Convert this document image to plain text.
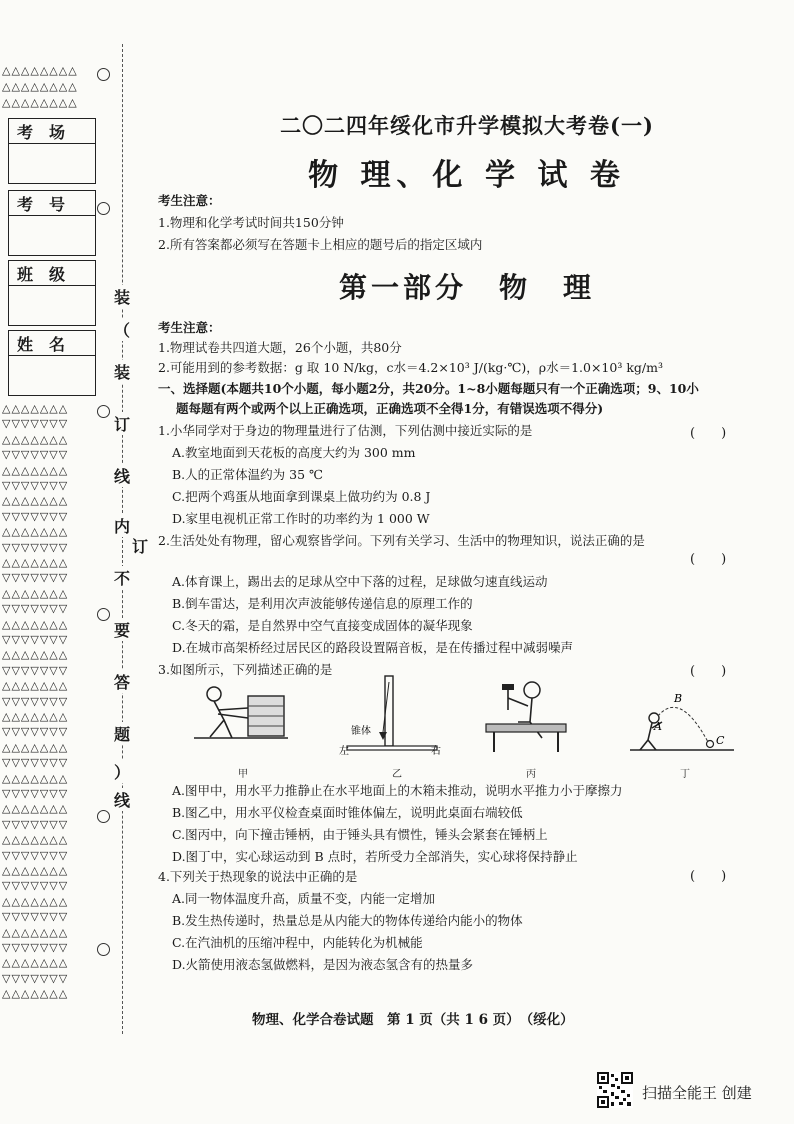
△△△△△△△△
△△△△△△△△
△△△△△△△△
考　场
考　号
班　级
姓　名
△△△△△△△
▽▽▽▽▽▽▽
△△△△△△△
▽▽▽▽▽▽▽
△△△△△△△
▽▽▽▽▽▽▽
△△△△△△△
▽▽▽▽▽▽▽
△△△△△△△
▽▽▽▽▽▽▽
△△△△△△△
▽▽▽▽▽▽▽
△△△△△△△
▽▽▽▽▽▽▽
△△△△△△△
▽▽▽▽▽▽▽
△△△△△△△
▽▽▽▽▽▽▽
△△△△△△△
▽▽▽▽▽▽▽
△△△△△△△
▽▽▽▽▽▽▽
△△△△△△△
▽▽▽▽▽▽▽
△△△△△△△
▽▽▽▽▽▽▽
△△△△△△△
▽▽▽▽▽▽▽
△△△△△△△
▽▽▽▽▽▽▽
△△△△△△△
▽▽▽▽▽▽▽
△△△△△△△
▽▽▽▽▽▽▽
△△△△△△△
▽▽▽▽▽▽▽
△△△△△△△
▽▽▽▽▽▽▽
△△△△△△△
装
（
装
订
线
内
订
不
要
答
题
）
线
二〇二四年绥化市升学模拟大考卷(一)
物 理、化 学 试 卷
考生注意：
1.物理和化学考试时间共150分钟
2.所有答案都必须写在答题卡上相应的题号后的指定区域内
第一部分　物　理
考生注意：
1.物理试卷共四道大题，26个小题，共80分
2.可能用到的参考数据：g 取 10 N/kg，c水＝4.2×10³ J/(kg·℃)，ρ水＝1.0×10³ kg/m³
一、选择题(本题共10个小题，每小题2分，共20分。1~8小题每题只有一个正确选项；9、10小
题每题有两个或两个以上正确选项，正确选项不全得1分，有错误选项不得分)
1.小华同学对于身边的物理量进行了估测，下列估测中接近实际的是	(　　)
A.教室地面到天花板的高度大约为 300 mm
B.人的正常体温约为 35 ℃
C.把两个鸡蛋从地面拿到课桌上做功约为 0.8 J
D.家里电视机正常工作时的功率约为 1 000 W
2.生活处处有物理，留心观察皆学问。下列有关学习、生活中的物理知识，说法正确的是
(　　)
A.体育课上，踢出去的足球从空中下落的过程，足球做匀速直线运动
B.倒车雷达，是利用次声波能够传递信息的原理工作的
C.冬天的霜，是自然界中空气直接变成固体的凝华现象
D.在城市高架桥经过居民区的路段设置隔音板，是在传播过程中减弱噪声
3.如图所示，下列描述正确的是	(　　)
锥体
左	右
B
A
C
甲	乙	丙	丁
A.图甲中，用水平力推静止在水平地面上的木箱未推动，说明水平推力小于摩擦力
B.图乙中，用水平仪检查桌面时锥体偏左，说明此桌面右端较低
C.图丙中，向下撞击锤柄，由于锤头具有惯性，锤头会紧套在锤柄上
D.图丁中，实心球运动到 B 点时，若所受力全部消失，实心球将保持静止
4.下列关于热现象的说法中正确的是	(　　)
A.同一物体温度升高，质量不变，内能一定增加
B.发生热传递时，热量总是从内能大的物体传递给内能小的物体
C.在汽油机的压缩冲程中，内能转化为机械能
D.火箭使用液态氢做燃料，是因为液态氢含有的热量多
物理、化学合卷试题　第 1 页（共 1 6 页）　（绥化）
扫描全能王 创建
